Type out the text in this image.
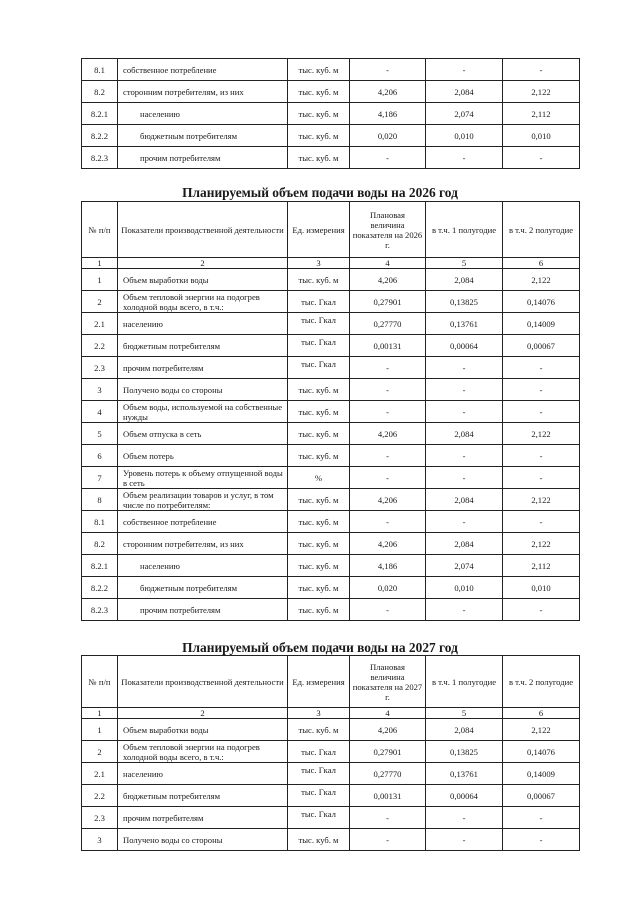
8.1	собственное потребление	тыс. куб. м	-	-	-
8.2	сторонним потребителям, из них	тыс. куб. м	4,206	2,084	2,122
8.2.1	населению	тыс. куб. м	4,186	2,074	2,112
8.2.2	бюджетным потребителям	тыс. куб. м	0,020	0,010	0,010
8.2.3	прочим потребителям	тыс. куб. м	-	-	-
Планируемый объем подачи воды на 2026 год
№ п/п	Показатели производственной деятельности	Ед. измерения	Плановая величина показателя на 2026 г.	в т.ч. 1 полугодие	в т.ч. 2 полугодие
1	2	3	4	5	6
1	Объем выработки воды	тыс. куб. м	4,206	2,084	2,122
2	Объем тепловой энергии на подогрев холодной воды всего, в т.ч.:	тыс. Гкал	0,27901	0,13825	0,14076
2.1	населению	тыс. Гкал	0,27770	0,13761	0,14009
2.2	бюджетным потребителям	тыс. Гкал	0,00131	0,00064	0,00067
2.3	прочим потребителям	тыс. Гкал	-	-	-
3	Получено воды со стороны	тыс. куб. м	-	-	-
4	Объем воды, используемой на собственные нужды	тыс. куб. м	-	-	-
5	Объем отпуска в сеть	тыс. куб. м	4,206	2,084	2,122
6	Объем потерь	тыс. куб. м	-	-	-
7	Уровень потерь к объему отпущенной воды в сеть	%	-	-	-
8	Объем реализации товаров и услуг, в том числе по потребителям:	тыс. куб. м	4,206	2,084	2,122
8.1	собственное потребление	тыс. куб. м	-	-	-
8.2	сторонним потребителям, из них	тыс. куб. м	4,206	2,084	2,122
8.2.1	населению	тыс. куб. м	4,186	2,074	2,112
8.2.2	бюджетным потребителям	тыс. куб. м	0,020	0,010	0,010
8.2.3	прочим потребителям	тыс. куб. м	-	-	-
Планируемый объем подачи воды на 2027 год
№ п/п	Показатели производственной деятельности	Ед. измерения	Плановая величина показателя на 2027 г.	в т.ч. 1 полугодие	в т.ч. 2 полугодие
1	2	3	4	5	6
1	Объем выработки воды	тыс. куб. м	4,206	2,084	2,122
2	Объем тепловой энергии на подогрев холодной воды всего, в т.ч.:	тыс. Гкал	0,27901	0,13825	0,14076
2.1	населению	тыс. Гкал	0,27770	0,13761	0,14009
2.2	бюджетным потребителям	тыс. Гкал	0,00131	0,00064	0,00067
2.3	прочим потребителям	тыс. Гкал	-	-	-
3	Получено воды со стороны	тыс. куб. м	-	-	-
